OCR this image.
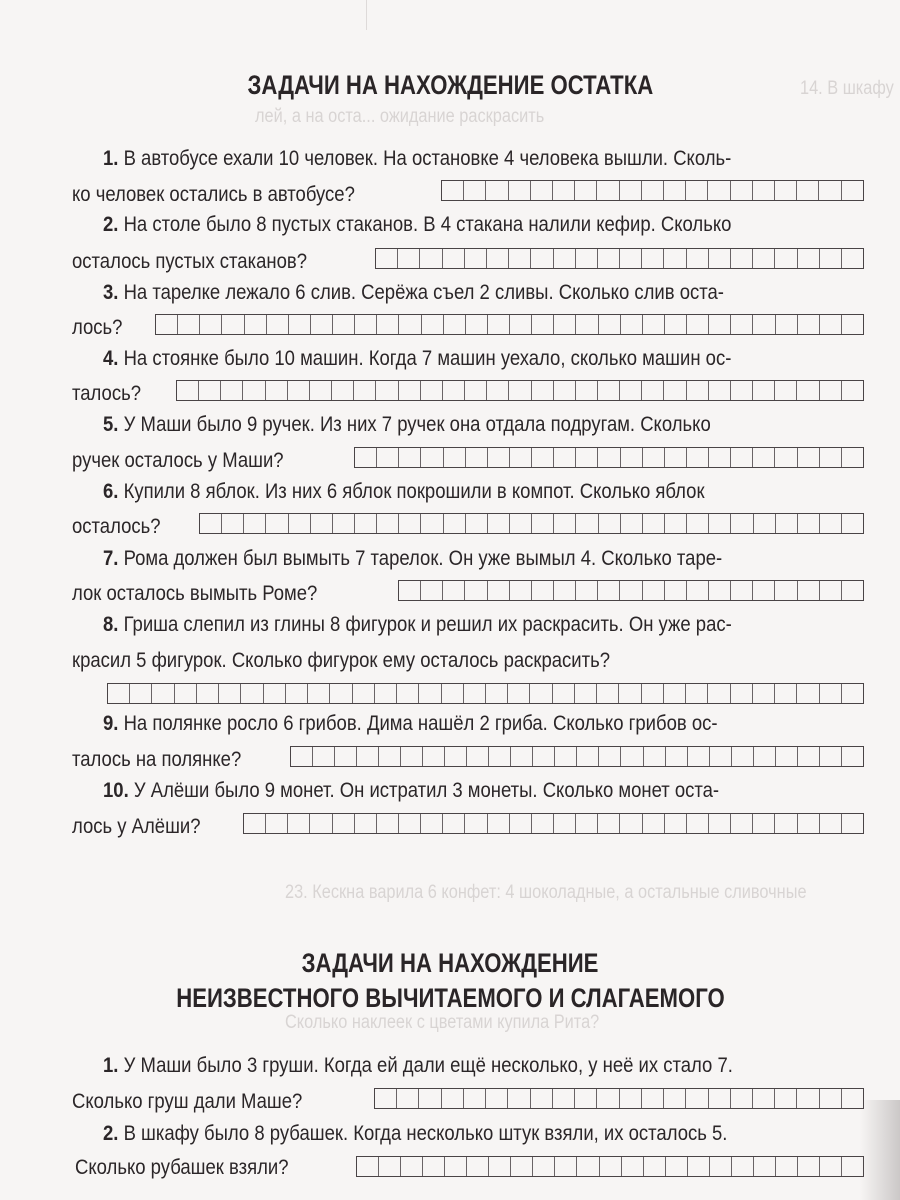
14. В шкафу
лей, а на оста... ожидание раскрасить
23. Кескна варила 6 конфет: 4 шоколадные, а остальные сливочные
Сколько наклеек с цветами купила Рита?
ЗАДАЧИ НА НАХОЖДЕНИЕ ОСТАТКА
1. В автобусе ехали 10 человек. На остановке 4 человека вышли. Сколь-
ко человек остались в автобусе?
2. На столе было 8 пустых стаканов. В 4 стакана налили кефир. Сколько
осталось пустых стаканов?
3. На тарелке лежало 6 слив. Серёжа съел 2 сливы. Сколько слив оста-
лось?
4. На стоянке было 10 машин. Когда 7 машин уехало, сколько машин ос-
талось?
5. У Маши было 9 ручек. Из них 7 ручек она отдала подругам. Сколько
ручек осталось у Маши?
6. Купили 8 яблок. Из них 6 яблок покрошили в компот. Сколько яблок
осталось?
7. Рома должен был вымыть 7 тарелок. Он уже вымыл 4. Сколько таре-
лок осталось вымыть Роме?
8. Гриша слепил из глины 8 фигурок и решил их раскрасить. Он уже рас-
красил 5 фигурок. Сколько фигурок ему осталось раскрасить?
9. На полянке росло 6 грибов. Дима нашёл 2 гриба. Сколько грибов ос-
талось на полянке?
10. У Алёши было 9 монет. Он истратил 3 монеты. Сколько монет оста-
лось у Алёши?
ЗАДАЧИ НА НАХОЖДЕНИЕ
НЕИЗВЕСТНОГО ВЫЧИТАЕМОГО И СЛАГАЕМОГО
1. У Маши было 3 груши. Когда ей дали ещё несколько, у неё их стало 7.
Сколько груш дали Маше?
2. В шкафу было 8 рубашек. Когда несколько штук взяли, их осталось 5.
Сколько рубашек взяли?
